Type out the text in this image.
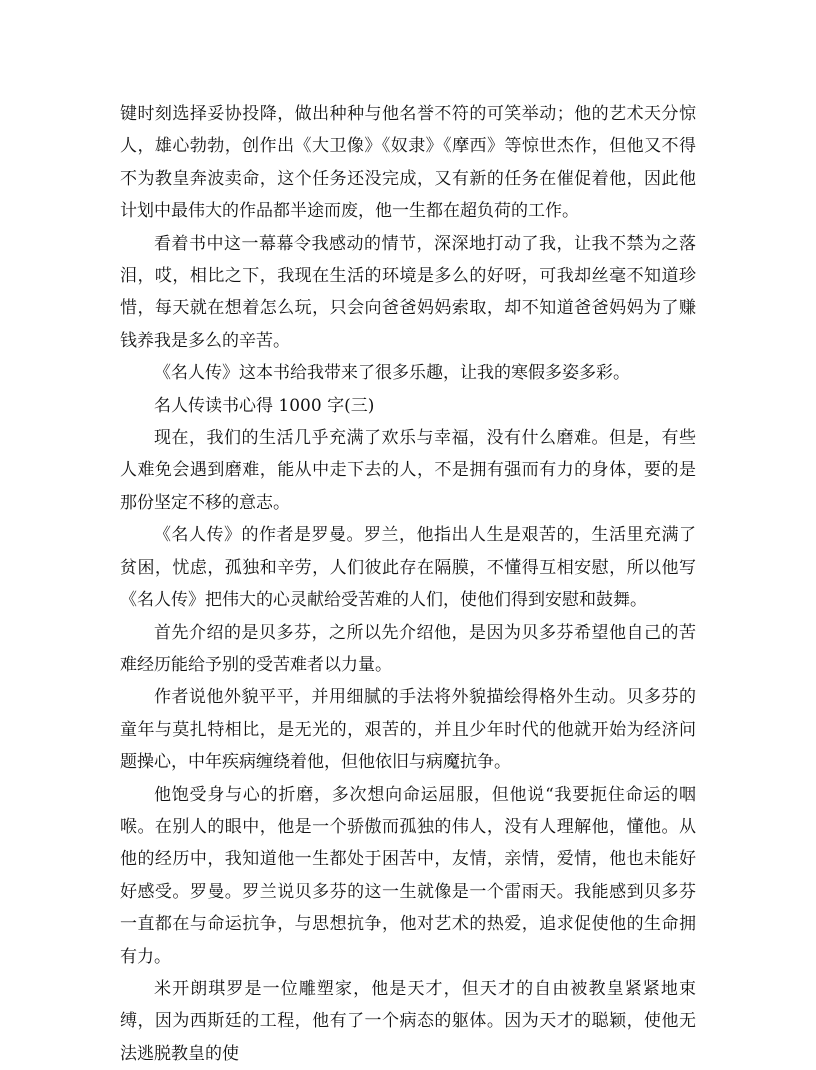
键时刻选择妥协投降，做出种种与他名誉不符的可笑举动；他的艺术天分惊人，雄心勃勃，创作出《大卫像》《奴隶》《摩西》等惊世杰作，但他又不得不为教皇奔波卖命，这个任务还没完成，又有新的任务在催促着他，因此他计划中最伟大的作品都半途而废，他一生都在超负荷的工作。

看着书中这一幕幕令我感动的情节，深深地打动了我，让我不禁为之落泪，哎，相比之下，我现在生活的环境是多么的好呀，可我却丝毫不知道珍惜，每天就在想着怎么玩，只会向爸爸妈妈索取，却不知道爸爸妈妈为了赚钱养我是多么的辛苦。

《名人传》这本书给我带来了很多乐趣，让我的寒假多姿多彩。

名人传读书心得 1000 字(三)

现在，我们的生活几乎充满了欢乐与幸福，没有什么磨难。但是，有些人难免会遇到磨难，能从中走下去的人，不是拥有强而有力的身体，要的是那份坚定不移的意志。

《名人传》的作者是罗曼。罗兰，他指出人生是艰苦的，生活里充满了贫困，忧虑，孤独和辛劳，人们彼此存在隔膜，不懂得互相安慰，所以他写《名人传》把伟大的心灵献给受苦难的人们，使他们得到安慰和鼓舞。

首先介绍的是贝多芬，之所以先介绍他，是因为贝多芬希望他自己的苦难经历能给予别的受苦难者以力量。

作者说他外貌平平，并用细腻的手法将外貌描绘得格外生动。贝多芬的童年与莫扎特相比，是无光的，艰苦的，并且少年时代的他就开始为经济问题操心，中年疾病缠绕着他，但他依旧与病魔抗争。

他饱受身与心的折磨，多次想向命运屈服，但他说“我要扼住命运的咽喉。在别人的眼中，他是一个骄傲而孤独的伟人，没有人理解他，懂他。从他的经历中，我知道他一生都处于困苦中，友情，亲情，爱情，他也未能好好感受。罗曼。罗兰说贝多芬的这一生就像是一个雷雨天。我能感到贝多芬一直都在与命运抗争，与思想抗争，他对艺术的热爱，追求促使他的生命拥有力。

米开朗琪罗是一位雕塑家，他是天才，但天才的自由被教皇紧紧地束缚，因为西斯廷的工程，他有了一个病态的躯体。因为天才的聪颖，使他无法逃脱教皇的使
